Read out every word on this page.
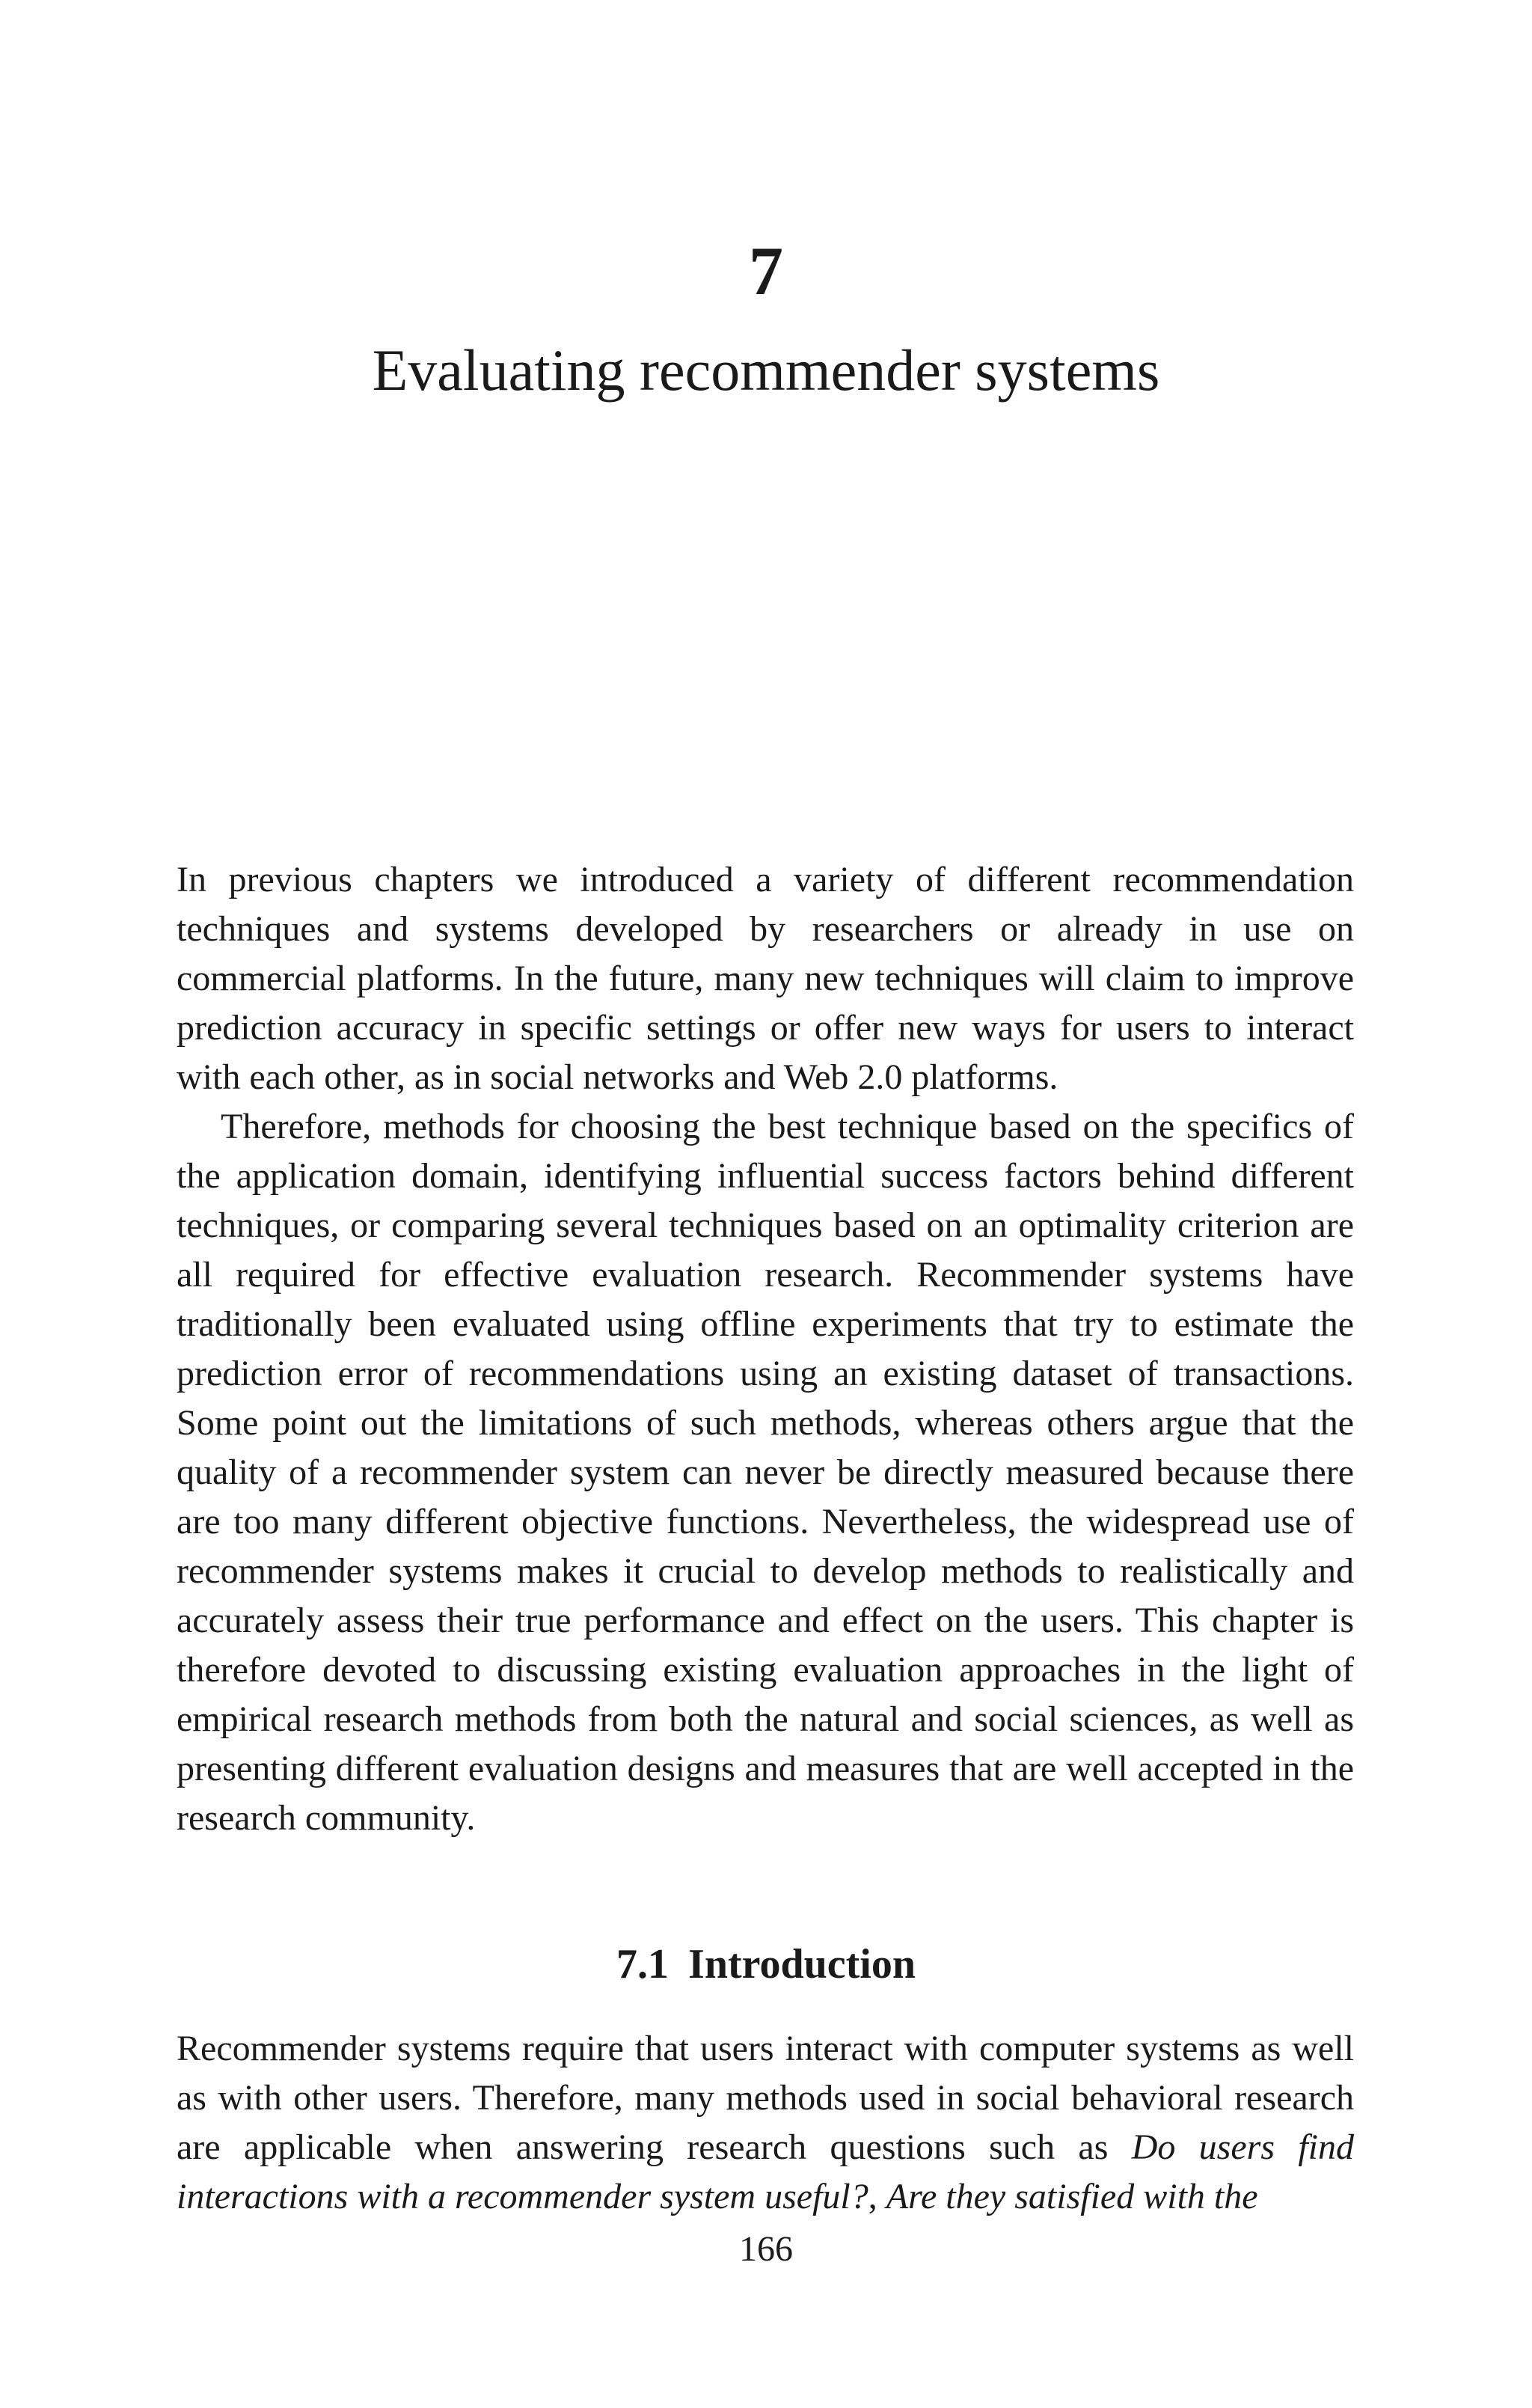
7
Evaluating recommender systems

In previous chapters we introduced a variety of different recommendation techniques and systems developed by researchers or already in use on commercial platforms. In the future, many new techniques will claim to improve prediction accuracy in specific settings or offer new ways for users to interact with each other, as in social networks and Web 2.0 platforms.

Therefore, methods for choosing the best technique based on the specifics of the application domain, identifying influential success factors behind different techniques, or comparing several techniques based on an optimality criterion are all required for effective evaluation research. Recommender systems have traditionally been evaluated using offline experiments that try to estimate the prediction error of recommendations using an existing dataset of transactions. Some point out the limitations of such methods, whereas others argue that the quality of a recommender system can never be directly measured because there are too many different objective functions. Nevertheless, the widespread use of recommender systems makes it crucial to develop methods to realistically and accurately assess their true performance and effect on the users. This chapter is therefore devoted to discussing existing evaluation approaches in the light of empirical research methods from both the natural and social sciences, as well as presenting different evaluation designs and measures that are well accepted in the research community.

7.1 Introduction

Recommender systems require that users interact with computer systems as well as with other users. Therefore, many methods used in social behavioral research are applicable when answering research questions such as Do users find interactions with a recommender system useful?, Are they satisfied with the

166
